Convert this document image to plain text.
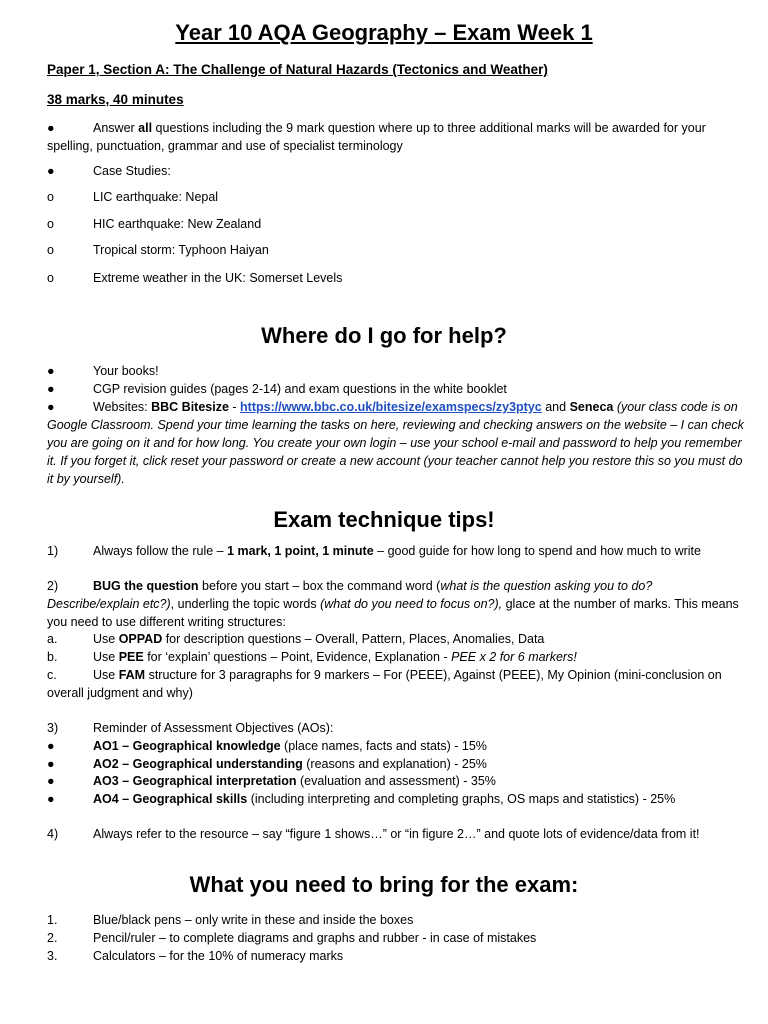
Year 10 AQA Geography – Exam Week 1
Paper 1, Section A: The Challenge of Natural Hazards (Tectonics and Weather)
38 marks, 40 minutes
●	Answer all questions including the 9 mark question where up to three additional marks will be awarded for your spelling, punctuation, grammar and use of specialist terminology
●	Case Studies:
o	LIC earthquake: Nepal
o	HIC earthquake: New Zealand
o	Tropical storm: Typhoon Haiyan
o	Extreme weather in the UK: Somerset Levels
Where do I go for help?
●	Your books!
●	CGP revision guides (pages 2-14) and exam questions in the white booklet
●	Websites: BBC Bitesize - https://www.bbc.co.uk/bitesize/examspecs/zy3ptyc and Seneca (your class code is on Google Classroom. Spend your time learning the tasks on here, reviewing and checking answers on the website – I can check you are going on it and for how long. You create your own login – use your school e-mail and password to help you remember it. If you forget it, click reset your password or create a new account (your teacher cannot help you restore this so you must do it by yourself).
Exam technique tips!
1)	Always follow the rule – 1 mark, 1 point, 1 minute – good guide for how long to spend and how much to write
2)	BUG the question before you start – box the command word (what is the question asking you to do? Describe/explain etc?), underling the topic words (what do you need to focus on?), glace at the number of marks. This means you need to use different writing structures:
a.	Use OPPAD for description questions – Overall, Pattern, Places, Anomalies, Data
b.	Use PEE for ‘explain’ questions – Point, Evidence, Explanation - PEE x 2 for 6 markers!
c.	Use FAM structure for 3 paragraphs for 9 markers – For (PEEE), Against (PEEE), My Opinion (mini-conclusion on overall judgment and why)
3)	Reminder of Assessment Objectives (AOs):
●	AO1 – Geographical knowledge (place names, facts and stats) - 15%
●	AO2 – Geographical understanding (reasons and explanation) - 25%
●	AO3 – Geographical interpretation (evaluation and assessment) - 35%
●	AO4 – Geographical skills (including interpreting and completing graphs, OS maps and statistics) - 25%
4)	Always refer to the resource – say “figure 1 shows…” or “in figure 2…” and quote lots of evidence/data from it!
What you need to bring for the exam:
1.	Blue/black pens – only write in these and inside the boxes
2.	Pencil/ruler – to complete diagrams and graphs and rubber - in case of mistakes
3.	Calculators – for the 10% of numeracy marks
